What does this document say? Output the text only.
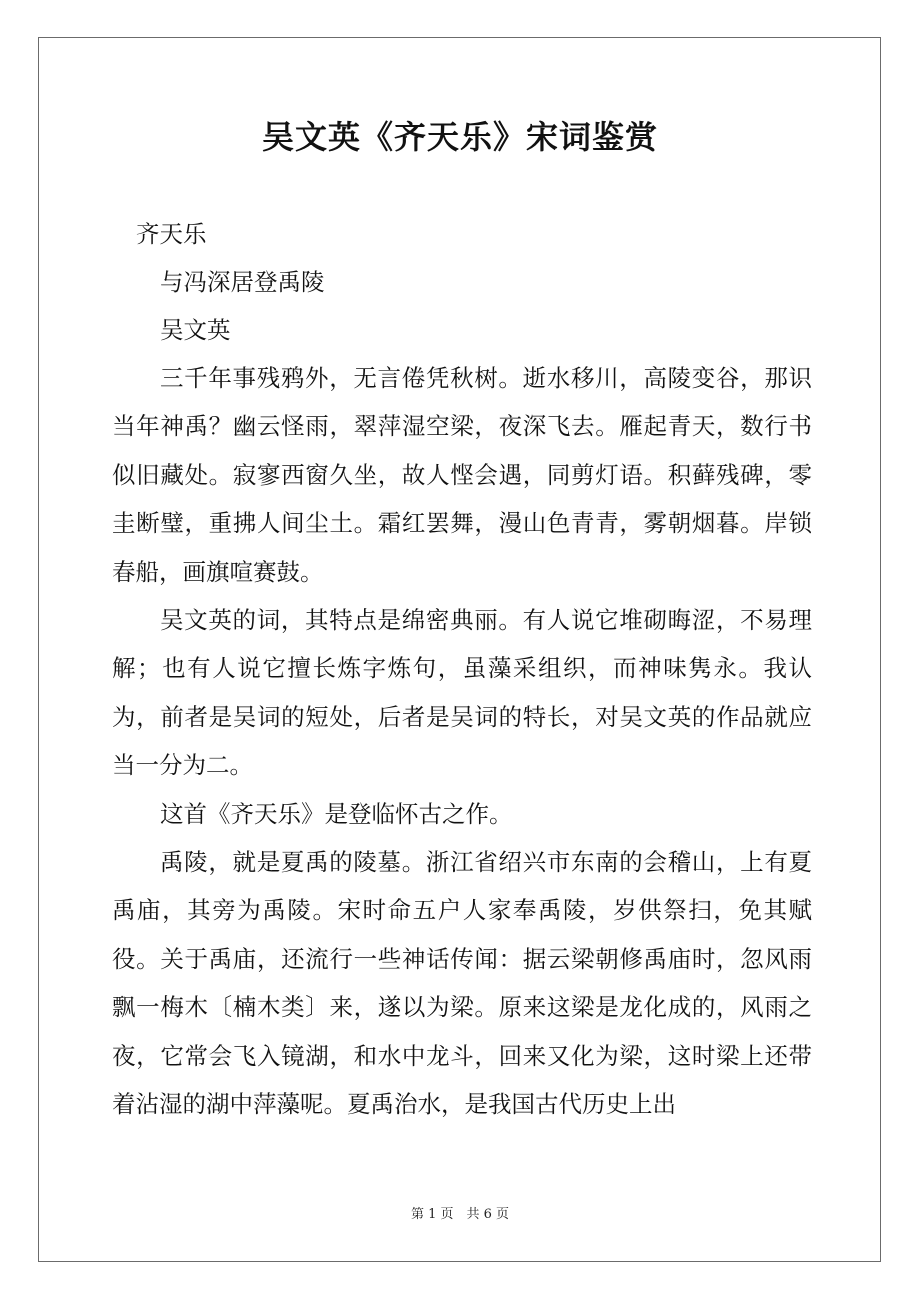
吴文英《齐天乐》宋词鉴赏
齐天乐
与冯深居登禹陵
吴文英

三千年事残鸦外，无言倦凭秋树。逝水移川，高陵变谷，那识当年神禹？幽云怪雨，翠萍湿空梁，夜深飞去。雁起青天，数行书似旧藏处。寂寥西窗久坐，故人悭会遇，同剪灯语。积藓残碑，零圭断璧，重拂人间尘土。霜红罢舞，漫山色青青，雾朝烟暮。岸锁春船，画旗喧赛鼓。

吴文英的词，其特点是绵密典丽。有人说它堆砌晦涩，不易理解；也有人说它擅长炼字炼句，虽藻采组织，而神味隽永。我认为，前者是吴词的短处，后者是吴词的特长，对吴文英的作品就应当一分为二。

这首《齐天乐》是登临怀古之作。

禹陵，就是夏禹的陵墓。浙江省绍兴市东南的会稽山，上有夏禹庙，其旁为禹陵。宋时命五户人家奉禹陵，岁供祭扫，免其赋役。关于禹庙，还流行一些神话传闻：据云梁朝修禹庙时，忽风雨飘一梅木〔楠木类〕来，遂以为梁。原来这梁是龙化成的，风雨之夜，它常会飞入镜湖，和水中龙斗，回来又化为梁，这时梁上还带着沾湿的湖中萍藻呢。夏禹治水，是我国古代历史上出

第 1 页　共 6 页
